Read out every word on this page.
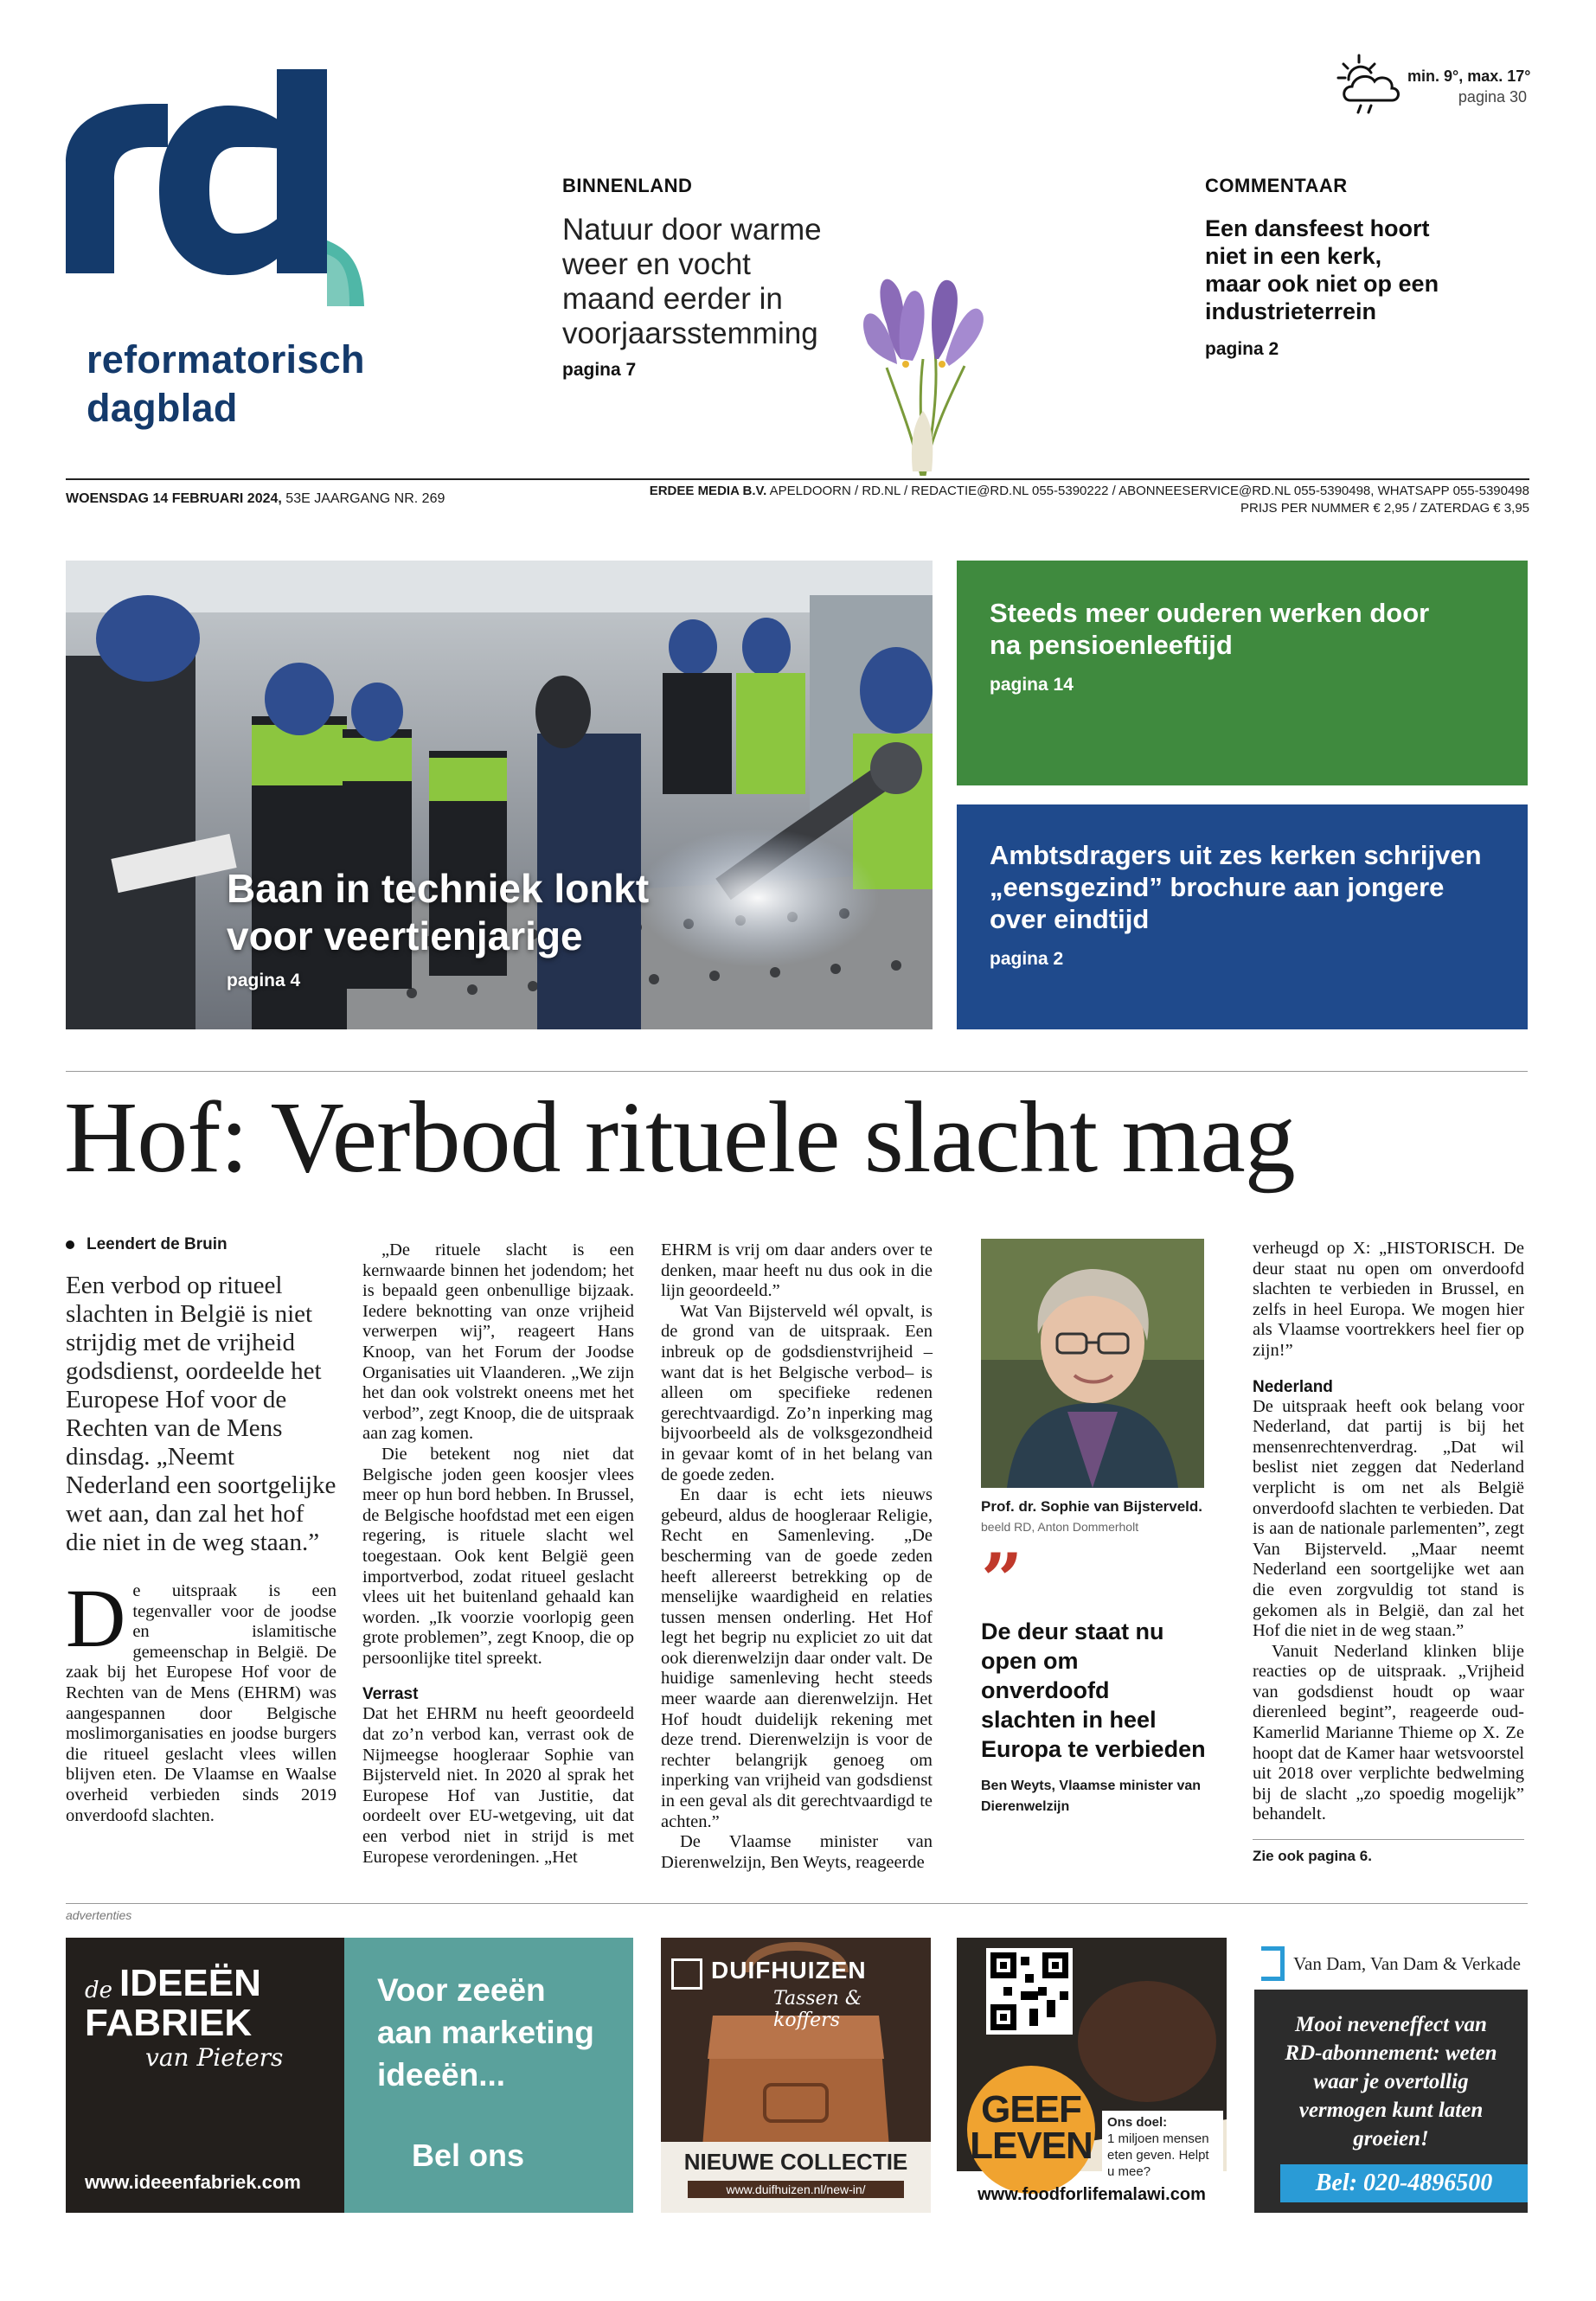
reformatorisch
dagblad
min. 9°, max. 17°
pagina 30
BINNENLAND
Natuur door warme
weer en vocht
maand eerder in
voorjaarsstemming
pagina 7
COMMENTAAR
Een dansfeest hoort
niet in een kerk,
maar ook niet op een
industrieterrein
pagina 2
WOENSDAG 14 FEBRUARI 2024, 53E JAARGANG NR. 269
ERDEE MEDIA B.V. APELDOORN / RD.NL / REDACTIE@RD.NL 055-5390222 / ABONNEESERVICE@RD.NL 055-5390498, WHATSAPP 055-5390498
PRIJS PER NUMMER € 2,95 / ZATERDAG € 3,95
Baan in techniek lonkt
voor veertienjarige
pagina 4
Steeds meer ouderen werken door
na pensioenleeftijd
pagina 14
Ambtsdragers uit zes kerken schrijven
„eensgezind” brochure aan jongere
over eindtijd
pagina 2
Hof: Verbod rituele slacht mag
Leendert de Bruin
Een verbod op ritueel slachten in België is niet strijdig met de vrijheid godsdienst, oordeelde het Europese Hof voor de Rechten van de Mens dinsdag. „Neemt Nederland een soortgelijke wet aan, dan zal het hof die niet in de weg staan.”
D e uitspraak is een tegenvaller voor de joodse en islamitische gemeenschap in België. De zaak bij het Europese Hof voor de Rechten van de Mens (EHRM) was aangespannen door Belgische moslimorganisaties en joodse burgers die ritueel geslacht vlees willen blijven eten. De Vlaamse en Waalse overheid verbieden sinds 2019 onverdoofd slachten.

„De rituele slacht is een kernwaarde binnen het jodendom; het is bepaald geen onbenullige bijzaak. Iedere beknotting van onze vrijheid verwerpen wij”, reageert Hans Knoop, van het Forum der Joodse Organisaties uit Vlaanderen. „We zijn het dan ook volstrekt oneens met het verbod”, zegt Knoop, die de uitspraak aan zag komen.

Die betekent nog niet dat Belgische joden geen koosjer vlees meer op hun bord hebben. In Brussel, de Belgische hoofdstad met een eigen regering, is rituele slacht wel toegestaan. Ook kent België geen importverbod, zodat ritueel geslacht vlees uit het buitenland gehaald kan worden. „Ik voorzie voorlopig geen grote problemen”, zegt Knoop, die op persoonlijke titel spreekt.

Verrast

Dat het EHRM nu heeft geoordeeld dat zo’n verbod kan, verrast ook de Nijmeegse hoogleraar Sophie van Bijsterveld niet. In 2020 al sprak het Europese Hof van Justitie, dat oordeelt over EU-wetgeving, uit dat een verbod niet in strijd is met Europese verordeningen. „Het

EHRM is vrij om daar anders over te denken, maar heeft nu dus ook in die lijn geoordeeld.”

Wat Van Bijsterveld wél opvalt, is de grond van de uitspraak. Een inbreuk op de godsdienstvrijheid –want dat is het Belgische verbod– is alleen om specifieke redenen gerechtvaardigd. Zo’n inperking mag bijvoorbeeld als de volksgezondheid in gevaar komt of in het belang van de goede zeden.

En daar is echt iets nieuws gebeurd, aldus de hoogleraar Religie, Recht en Samenleving. „De bescherming van de goede zeden heeft allereerst betrekking op de menselijke waardigheid en relaties tussen mensen onderling. Het Hof legt het begrip nu expliciet zo uit dat ook dierenwelzijn daar onder valt. De huidige samenleving hecht steeds meer waarde aan dierenwelzijn. Het Hof houdt duidelijk rekening met deze trend. Dierenwelzijn is voor de rechter belangrijk genoeg om inperking van vrijheid van godsdienst in een geval als dit gerechtvaardigd te achten.”

De Vlaamse minister van Dierenwelzijn, Ben Weyts, reageerde

Prof. dr. Sophie van Bijsterveld. beeld RD, Anton Dommerholt
”
De deur staat nu open om onverdoofd slachten in heel Europa te verbieden
Ben Weyts, Vlaamse minister van Dierenwelzijn

verheugd op X: „HISTORISCH. De deur staat nu open om onverdoofd slachten te verbieden in Brussel, en zelfs in heel Europa. We mogen hier als Vlaamse voortrekkers heel fier op zijn!”

Nederland

De uitspraak heeft ook belang voor Nederland, dat partij is bij het mensenrechtenverdrag. „Dat wil beslist niet zeggen dat Nederland verplicht is om net als België onverdoofd slachten te verbieden. Dat is aan de nationale parlementen”, zegt Van Bijsterveld. „Maar neemt Nederland een soortgelijke wet aan die even zorgvuldig tot stand is gekomen als in België, dan zal het Hof die niet in de weg staan.”

Vanuit Nederland klinken blije reacties op de uitspraak. „Vrijheid van godsdienst houdt op waar dierenleed begint”, reageerde oud-Kamerlid Marianne Thieme op X. Ze hoopt dat de Kamer haar wetsvoorstel uit 2018 over verplichte bedwelming bij de slacht „zo spoedig mogelijk” behandelt.

Zie ook pagina 6.
advertenties
de IDEEËN
FABRIEK
van Pieters
www.ideeenfabriek.com
Voor zeeën
aan marketing
ideeën...
Bel ons
DUIFHUIZEN
Tassen & koffers
NIEUWE COLLECTIE
www.duifhuizen.nl/new-in/
GEEF
LEVEN
Ons doel:
1 miljoen mensen eten geven. Helpt u mee?
www.foodforlifemalawi.com
Van Dam, Van Dam & Verkade
Mooi neveneffect van RD-abonnement: weten waar je overtollig vermogen kunt laten groeien!
Bel: 020-4896500
